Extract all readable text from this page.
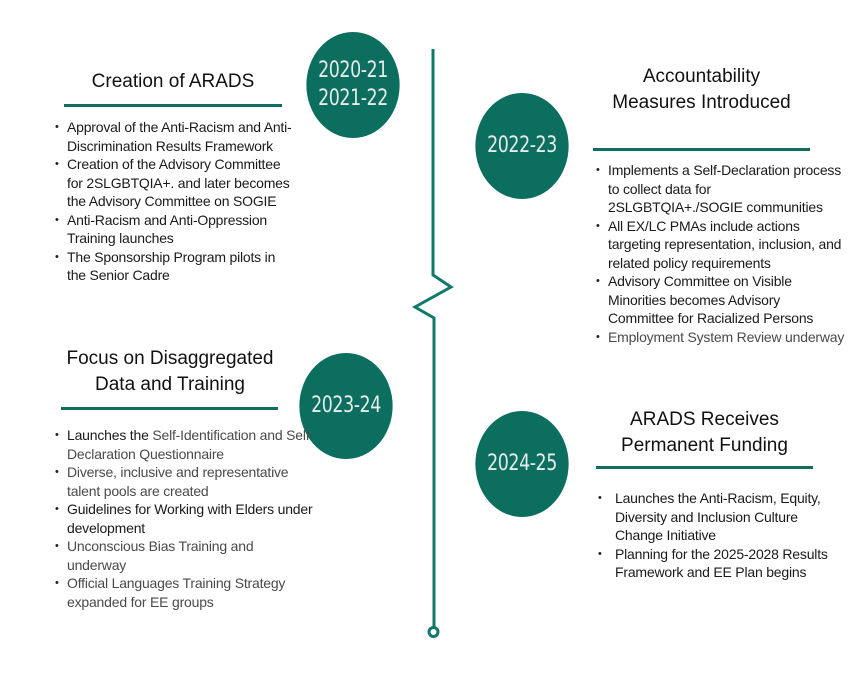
2020-21
2021-22
Creation of ARADS
• Approval of the Anti-Racism and Anti-Discrimination Results Framework
• Creation of the Advisory Committee for 2SLGBTQIA+. and later becomes the Advisory Committee on SOGIE
• Anti-Racism and Anti-Oppression Training launches
• The Sponsorship Program pilots in the Senior Cadre
2022-23
Accountability
Measures Introduced
• Implements a Self-Declaration process to collect data for 2SLGBTQIA+./SOGIE communities
• All EX/LC PMAs include actions targeting representation, inclusion, and related policy requirements
• Advisory Committee on Visible Minorities becomes Advisory Committee for Racialized Persons
• Employment System Review underway
2023-24
Focus on Disaggregated
Data and Training
• Launches the Self-Identification and Self-Declaration Questionnaire
• Diverse, inclusive and representative talent pools are created
• Guidelines for Working with Elders under development
• Unconscious Bias Training and underway
• Official Languages Training Strategy expanded for EE groups
2024-25
ARADS Receives
Permanent Funding
• Launches the Anti-Racism, Equity, Diversity and Inclusion Culture Change Initiative
• Planning for the 2025-2028 Results Framework and EE Plan begins
